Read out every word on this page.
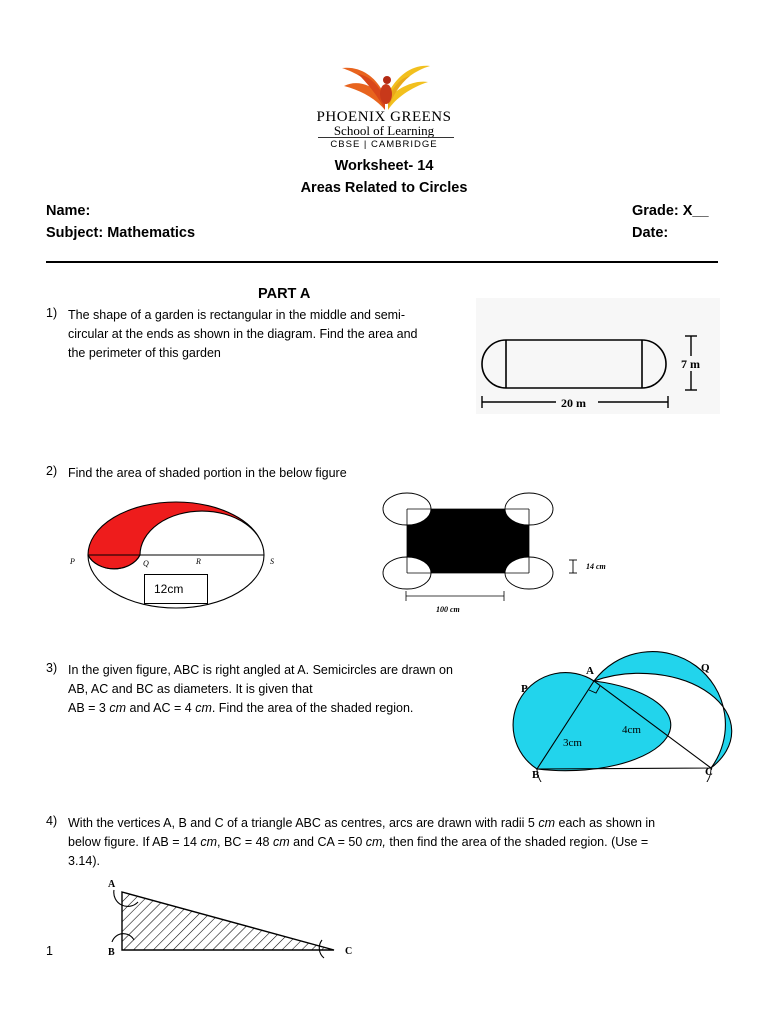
PHOENIX GREENS
School of Learning
CBSE | CAMBRIDGE
Worksheet- 14
Areas Related to Circles
Name:	Grade: X__
Subject: Mathematics	Date:
PART A
1) The shape of a garden is rectangular in the middle and semi-
circular at the ends as shown in the diagram. Find the area and
the perimeter of this garden
7 m
20 m
2) Find the area of shaded portion in the below figure
P	Q	R	S
12cm
14 cm
100 cm
3) In the given figure, ABC is right angled at A. Semicircles are drawn on
AB, AC and BC as diameters. It is given that
AB = 3 cm and AC = 4 cm. Find the area of the shaded region.
A
P
Q
B	C
3cm
4cm
4) With the vertices A, B and C of a triangle ABC as centres, arcs are drawn with radii 5 cm each as shown in
below figure. If AB = 14 cm, BC = 48 cm and CA = 50 cm, then find the area of the shaded region. (Use =
3.14).
A
B	C
1
